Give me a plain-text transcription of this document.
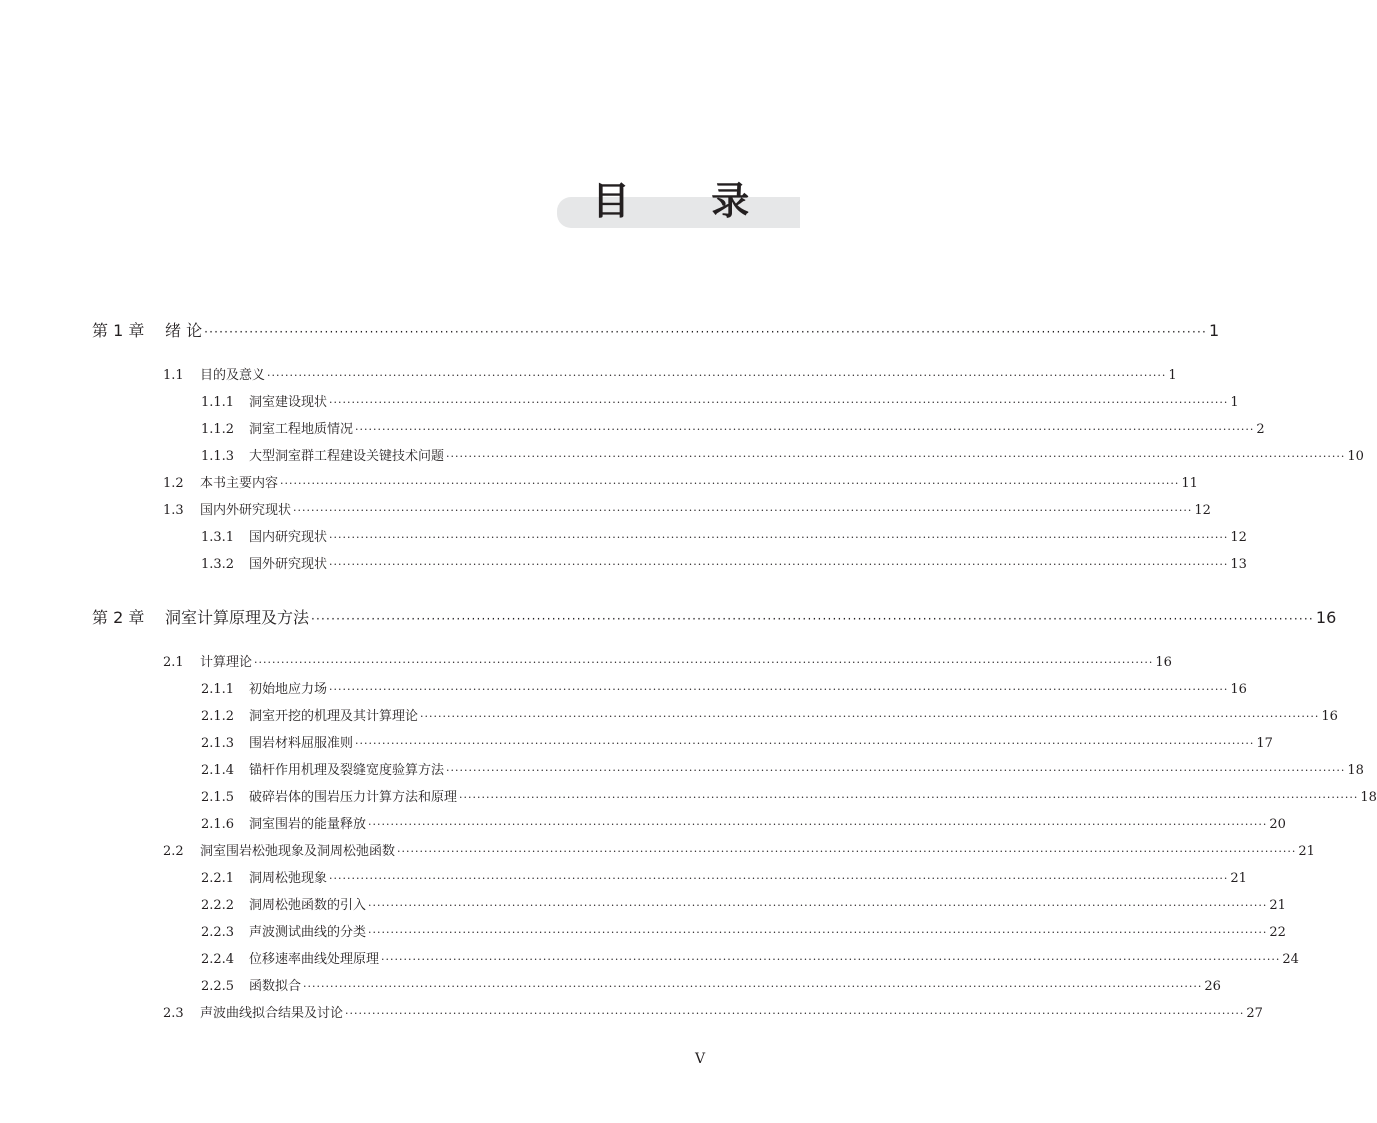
目 录
第 1 章	绪 论 ········································································································································································································ 1
1.1	目的及意义 ········································································································································································································ 1
1.1.1	洞室建设现状 ········································································································································································································ 1
1.1.2	洞室工程地质情况 ········································································································································································································ 2
1.1.3	大型洞室群工程建设关键技术问题 ········································································································································································································ 10
1.2	本书主要内容 ········································································································································································································ 11
1.3	国内外研究现状 ········································································································································································································ 12
1.3.1	国内研究现状 ········································································································································································································ 12
1.3.2	国外研究现状 ········································································································································································································ 13
第 2 章	洞室计算原理及方法 ········································································································································································································ 16
2.1	计算理论 ········································································································································································································ 16
2.1.1	初始地应力场 ········································································································································································································ 16
2.1.2	洞室开挖的机理及其计算理论 ········································································································································································································ 16
2.1.3	围岩材料屈服准则 ········································································································································································································ 17
2.1.4	锚杆作用机理及裂缝宽度验算方法 ········································································································································································································ 18
2.1.5	破碎岩体的围岩压力计算方法和原理 ········································································································································································································ 18
2.1.6	洞室围岩的能量释放 ········································································································································································································ 20
2.2	洞室围岩松弛现象及洞周松弛函数 ········································································································································································································ 21
2.2.1	洞周松弛现象 ········································································································································································································ 21
2.2.2	洞周松弛函数的引入 ········································································································································································································ 21
2.2.3	声波测试曲线的分类 ········································································································································································································ 22
2.2.4	位移速率曲线处理原理 ········································································································································································································ 24
2.2.5	函数拟合 ········································································································································································································ 26
2.3	声波曲线拟合结果及讨论 ········································································································································································································ 27
V
